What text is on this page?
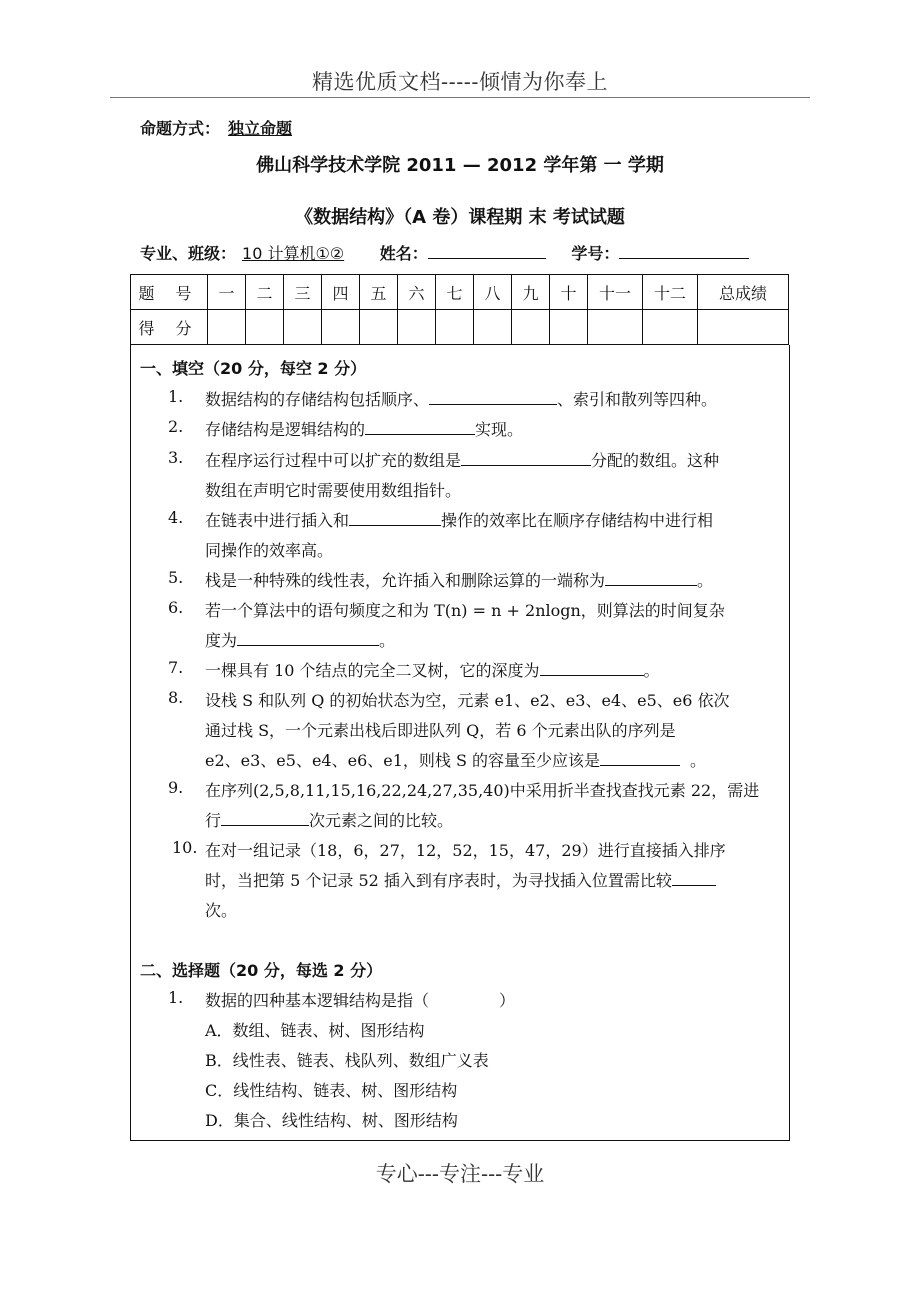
精选优质文档-----倾情为你奉上
命题方式： 独立命题
佛山科学技术学院 2011 — 2012 学年第 一 学期
《数据结构》（A 卷）课程期 末 考试试题
专业、班级： 10 计算机①② 姓名：	学号：
题 号	一	二	三	四	五	六	七	八	九	十	十一	十二	总成绩
得 分													
一、填空（20 分，每空 2 分）
1.	数据结构的存储结构包括顺序、	、索引和散列等四种。
2.	存储结构是逻辑结构的	实现。
3.	在程序运行过程中可以扩充的数组是	分配的数组。这种
数组在声明它时需要使用数组指针。
4.	在链表中进行插入和	操作的效率比在顺序存储结构中进行相
同操作的效率高。
5.	栈是一种特殊的线性表，允许插入和删除运算的一端称为	。
6.	若一个算法中的语句频度之和为 T(n) = n + 2nlogn，则算法的时间复杂
度为	。
7.	一棵具有 10 个结点的完全二叉树，它的深度为	。
8.	设栈 S 和队列 Q 的初始状态为空，元素 e1、e2、e3、e4、e5、e6 依次
通过栈 S，一个元素出栈后即进队列 Q，若 6 个元素出队的序列是
e2、e3、e5、e4、e6、e1，则栈 S 的容量至少应该是	。
9.	在序列(2,5,8,11,15,16,22,24,27,35,40)中采用折半查找查找元素 22，需进
行	次元素之间的比较。
10. 在对一组记录（18，6，27，12，52，15，47，29）进行直接插入排序
时，当把第 5 个记录 52 插入到有序表时，为寻找插入位置需比较
次。
二、选择题（20 分，每选 2 分）
1.	数据的四种基本逻辑结构是指（	）
A．数组、链表、树、图形结构
B．线性表、链表、栈队列、数组广义表
C．线性结构、链表、树、图形结构
D．集合、线性结构、树、图形结构
专心---专注---专业
